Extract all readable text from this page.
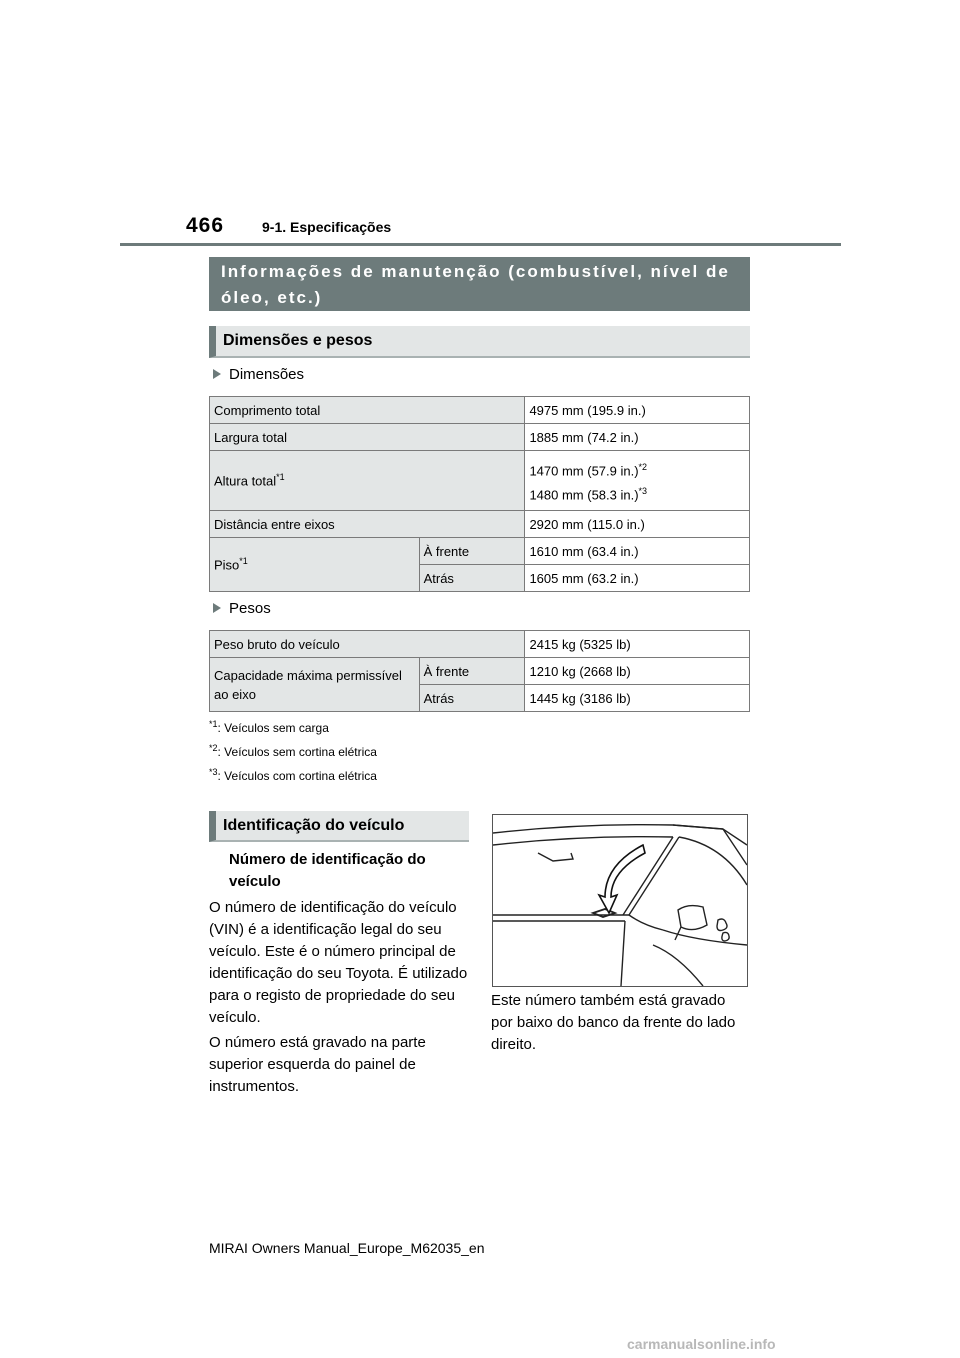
466	9-1. Especificações
Informações de manutenção (combustível, nível de óleo, etc.)
Dimensões e pesos
Dimensões
Comprimento total		4975 mm (195.9 in.)
Largura total		1885 mm (74.2 in.)
Altura total$^{*1}$		1470 mm (57.9 in.)$^{*2}$
1480 mm (58.3 in.)$^{*3}$

Distância entre eixos		2920 mm (115.0 in.)
Piso$^{*1}$	À frente	1610 mm (63.4 in.)
	Atrás	1605 mm (63.2 in.)
Pesos
Peso bruto do veículo		2415 kg (5325 lb)
Capacidade máxima permissível ao eixo	À frente	1210 kg (2668 lb)
	Atrás	1445 kg (3186 lb)
$^{*1}$: Veículos sem carga
$^{*2}$: Veículos sem cortina elétrica
$^{*3}$: Veículos com cortina elétrica
Identificação do veículo
Número de identificação do veículo
O número de identificação do veículo (VIN) é a identificação legal do seu veículo. Este é o número principal de identificação do seu Toyota. É utilizado para o registo de propriedade do seu veículo.
O número está gravado na parte superior esquerda do painel de instrumentos.
Este número também está gravado por baixo do banco da frente do lado direito.
MIRAI Owners Manual_Europe_M62035_en
carmanualsonline.info
